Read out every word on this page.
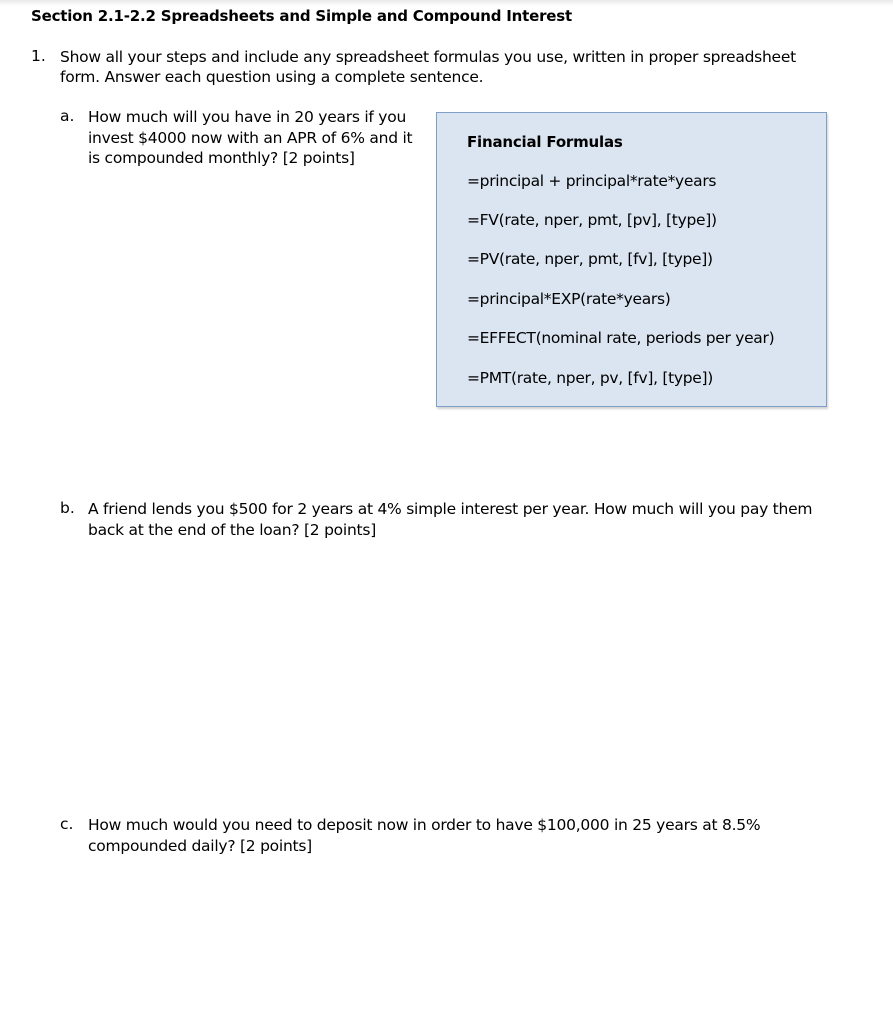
Section 2.1-2.2 Spreadsheets and Simple and Compound Interest
1. Show all your steps and include any spreadsheet formulas you use, written in proper spreadsheet form. Answer each question using a complete sentence.
a. How much will you have in 20 years if you invest $4000 now with an APR of 6% and it is compounded monthly? [2 points]
Financial Formulas
=principal + principal*rate*years
=FV(rate, nper, pmt, [pv], [type])
=PV(rate, nper, pmt, [fv], [type])
=principal*EXP(rate*years)
=EFFECT(nominal rate, periods per year)
=PMT(rate, nper, pv, [fv], [type])
b. A friend lends you $500 for 2 years at 4% simple interest per year. How much will you pay them back at the end of the loan? [2 points]
c. How much would you need to deposit now in order to have $100,000 in 25 years at 8.5% compounded daily? [2 points]
